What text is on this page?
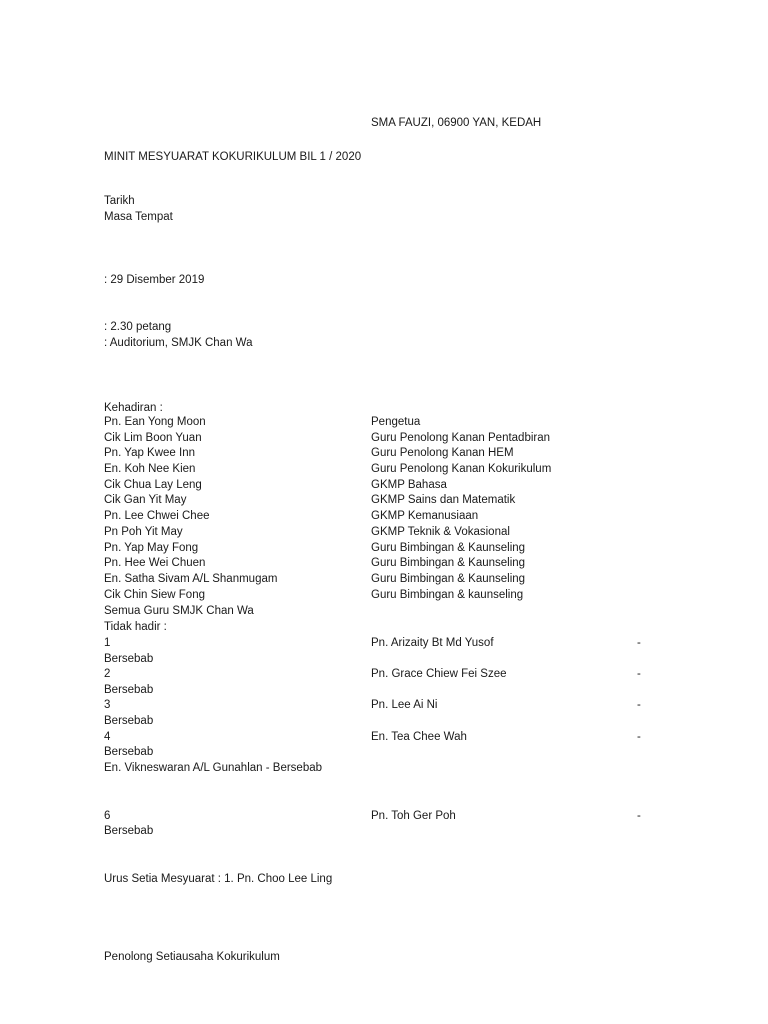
SMA FAUZI, 06900 YAN, KEDAH
MINIT MESYUARAT KOKURIKULUM BIL 1 / 2020
Tarikh
Masa Tempat
: 29 Disember 2019
: 2.30 petang
: Auditorium, SMJK Chan Wa
Kehadiran :
Pn. Ean Yong Moon	Pengetua
Cik Lim Boon Yuan	Guru Penolong Kanan Pentadbiran
Pn. Yap Kwee Inn	Guru Penolong Kanan HEM
En. Koh Nee Kien	Guru Penolong Kanan Kokurikulum
Cik Chua Lay Leng	GKMP Bahasa
Cik Gan Yit May	GKMP Sains dan Matematik
Pn. Lee Chwei Chee	GKMP Kemanusiaan
Pn Poh Yit May	GKMP Teknik & Vokasional
Pn. Yap May Fong	Guru Bimbingan & Kaunseling
Pn. Hee Wei Chuen	Guru Bimbingan & Kaunseling
En. Satha Sivam A/L Shanmugam	Guru Bimbingan & Kaunseling
Cik Chin Siew Fong	Guru Bimbingan & kaunseling
Semua Guru SMJK Chan Wa
Tidak hadir :
1	Pn. Arizaity Bt Md Yusof	-
Bersebab
2	Pn. Grace Chiew Fei Szee	-
Bersebab
3	Pn. Lee Ai Ni	-
Bersebab
4	En. Tea Chee Wah	-
Bersebab
En. Vikneswaran A/L Gunahlan - Bersebab
6	Pn. Toh Ger Poh	-
Bersebab
Urus Setia Mesyuarat : 1. Pn. Choo Lee Ling
Penolong Setiausaha Kokurikulum
